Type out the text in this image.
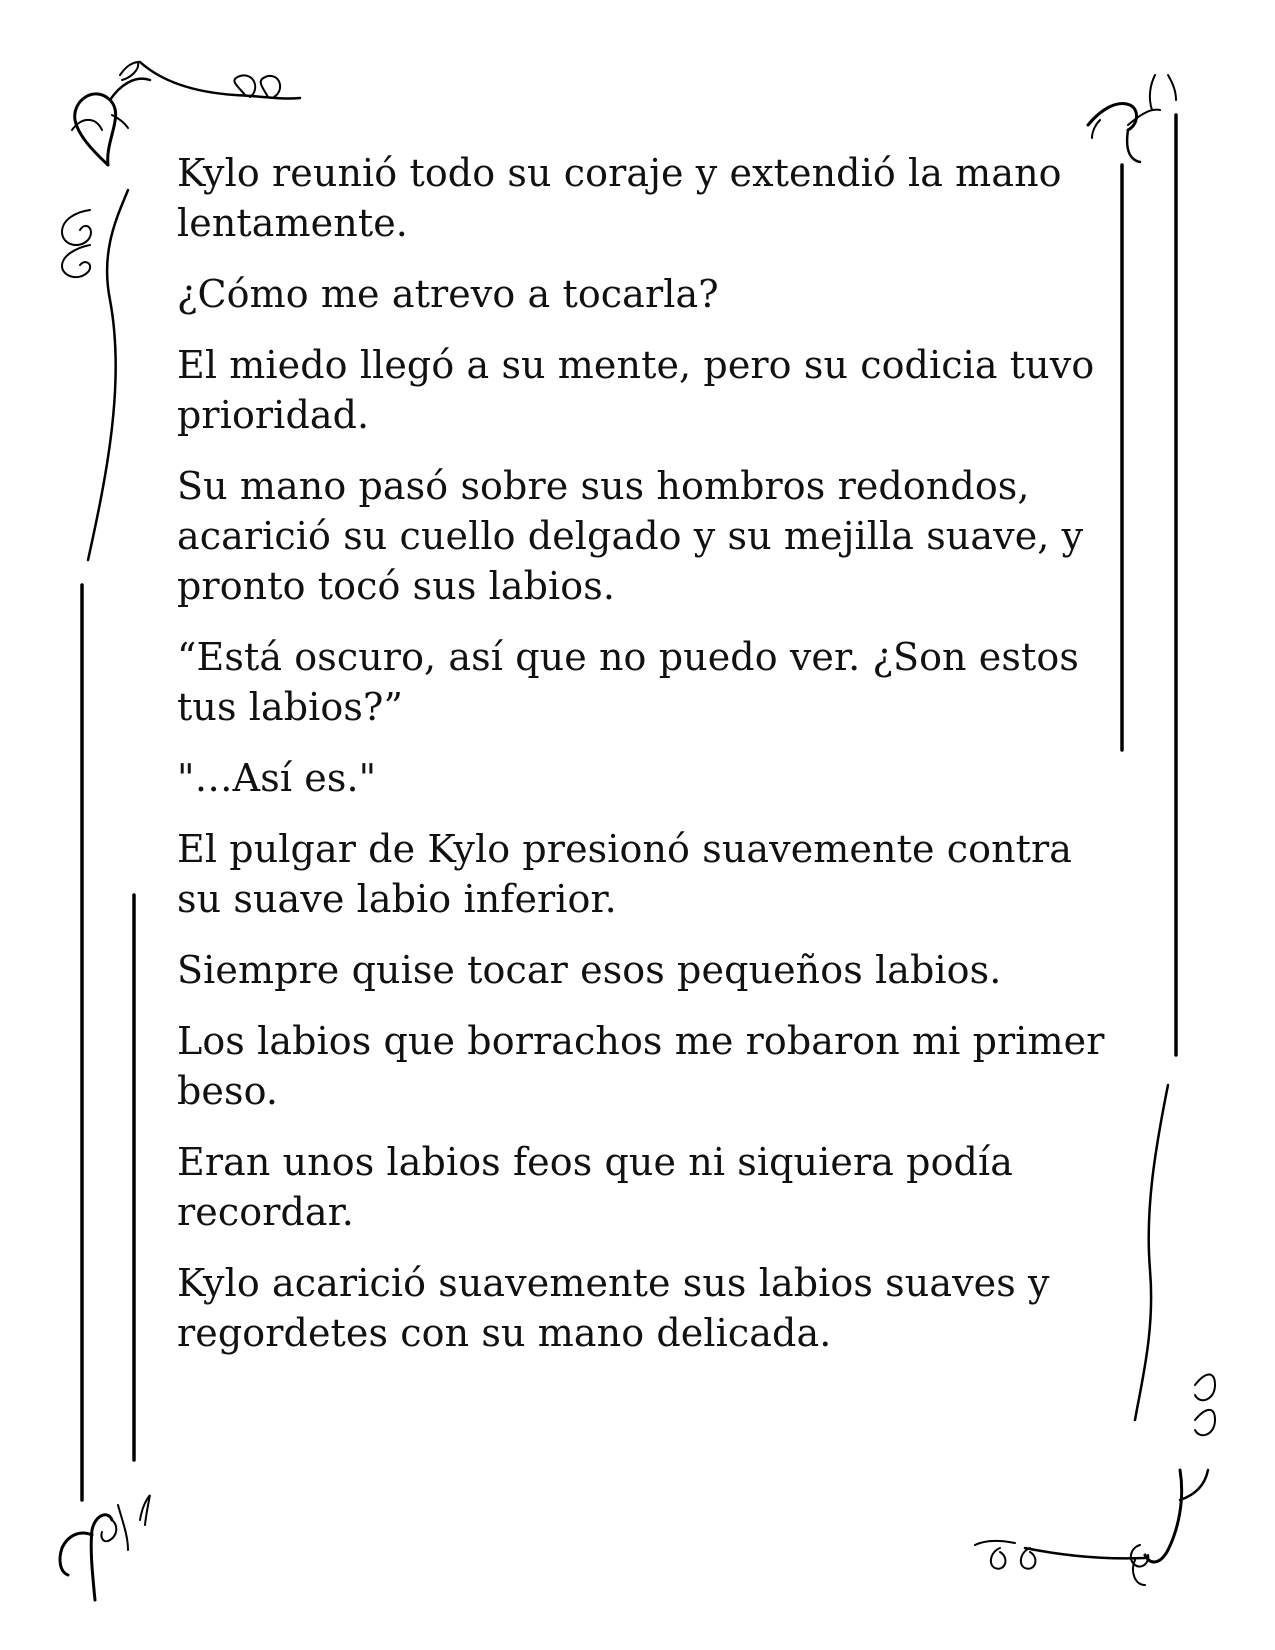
Kylo reunió todo su coraje y extendió la mano lentamente.

¿Cómo me atrevo a tocarla?

El miedo llegó a su mente, pero su codicia tuvo prioridad.

Su mano pasó sobre sus hombros redondos, acarició su cuello delgado y su mejilla suave, y pronto tocó sus labios.

“Está oscuro, así que no puedo ver. ¿Son estos tus labios?”

"…Así es."

El pulgar de Kylo presionó suavemente contra su suave labio inferior.

Siempre quise tocar esos pequeños labios.

Los labios que borrachos me robaron mi primer beso.

Eran unos labios feos que ni siquiera podía recordar.

Kylo acarició suavemente sus labios suaves y regordetes con su mano delicada.
